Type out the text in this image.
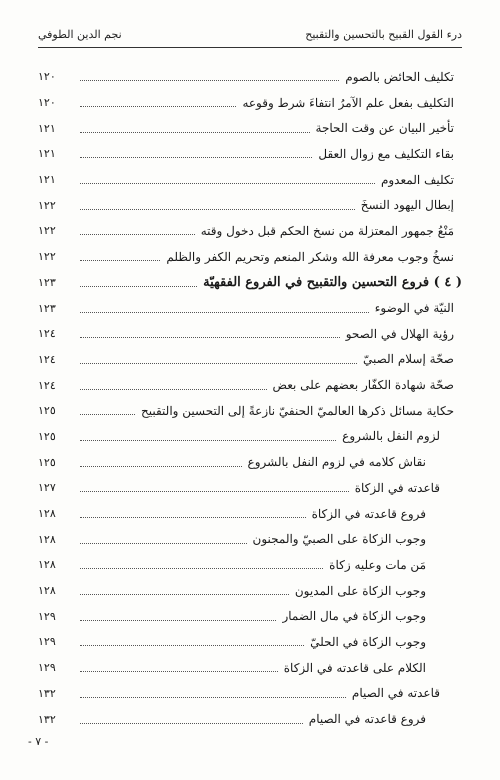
درء القول القبيح بالتحسين والتقبيح
نجم الدين الطوفي
تكليف الحائض بالصوم
١٢٠
التكليف بفعل علم الآمرُ انتفاءَ شرط وقوعه
١٢٠
تأخير البيان عن وقت الحاجة
١٢١
بقاء التكليف مع زوال العقل
١٢١
تكليف المعدوم
١٢١
إبطال اليهود النسخَ
١٢٢
مَنْعُ جمهور المعتزلة من نسخ الحكم قبل دخول وقته
١٢٢
نسخُ وجوب معرفة الله وشكر المنعم وتحريم الكفر والظلم
١٢٢
( ٤ ) فروع التحسين والتقبيح في الفروع الفقهيّة
١٢٣
النيّة في الوضوء
١٢٣
رؤية الهلال في الصحو
١٢٤
صحّة إسلام الصبيّ
١٢٤
صحّة شهادة الكفّار بعضهم على بعض
١٢٤
حكاية مسائل ذكرها العالميّ الحنفيّ نازعةً إلى التحسين والتقبيح
١٢٥
لزوم النفل بالشروع
١٢٥
نقاش كلامه في لزوم النفل بالشروع
١٢٥
قاعدته في الزكاة
١٢٧
فروع قاعدته في الزكاة
١٢٨
وجوب الزكاة على الصبيّ والمجنون
١٢٨
مَن مات وعليه زكاة
١٢٨
وجوب الزكاة على المديون
١٢٨
وجوب الزكاة في مال الضمار
١٢٩
وجوب الزكاة في الحليّ
١٢٩
الكلام على قاعدته في الزكاة
١٢٩
قاعدته في الصيام
١٣٢
فروع قاعدته في الصيام
١٣٢
- ٧ -
